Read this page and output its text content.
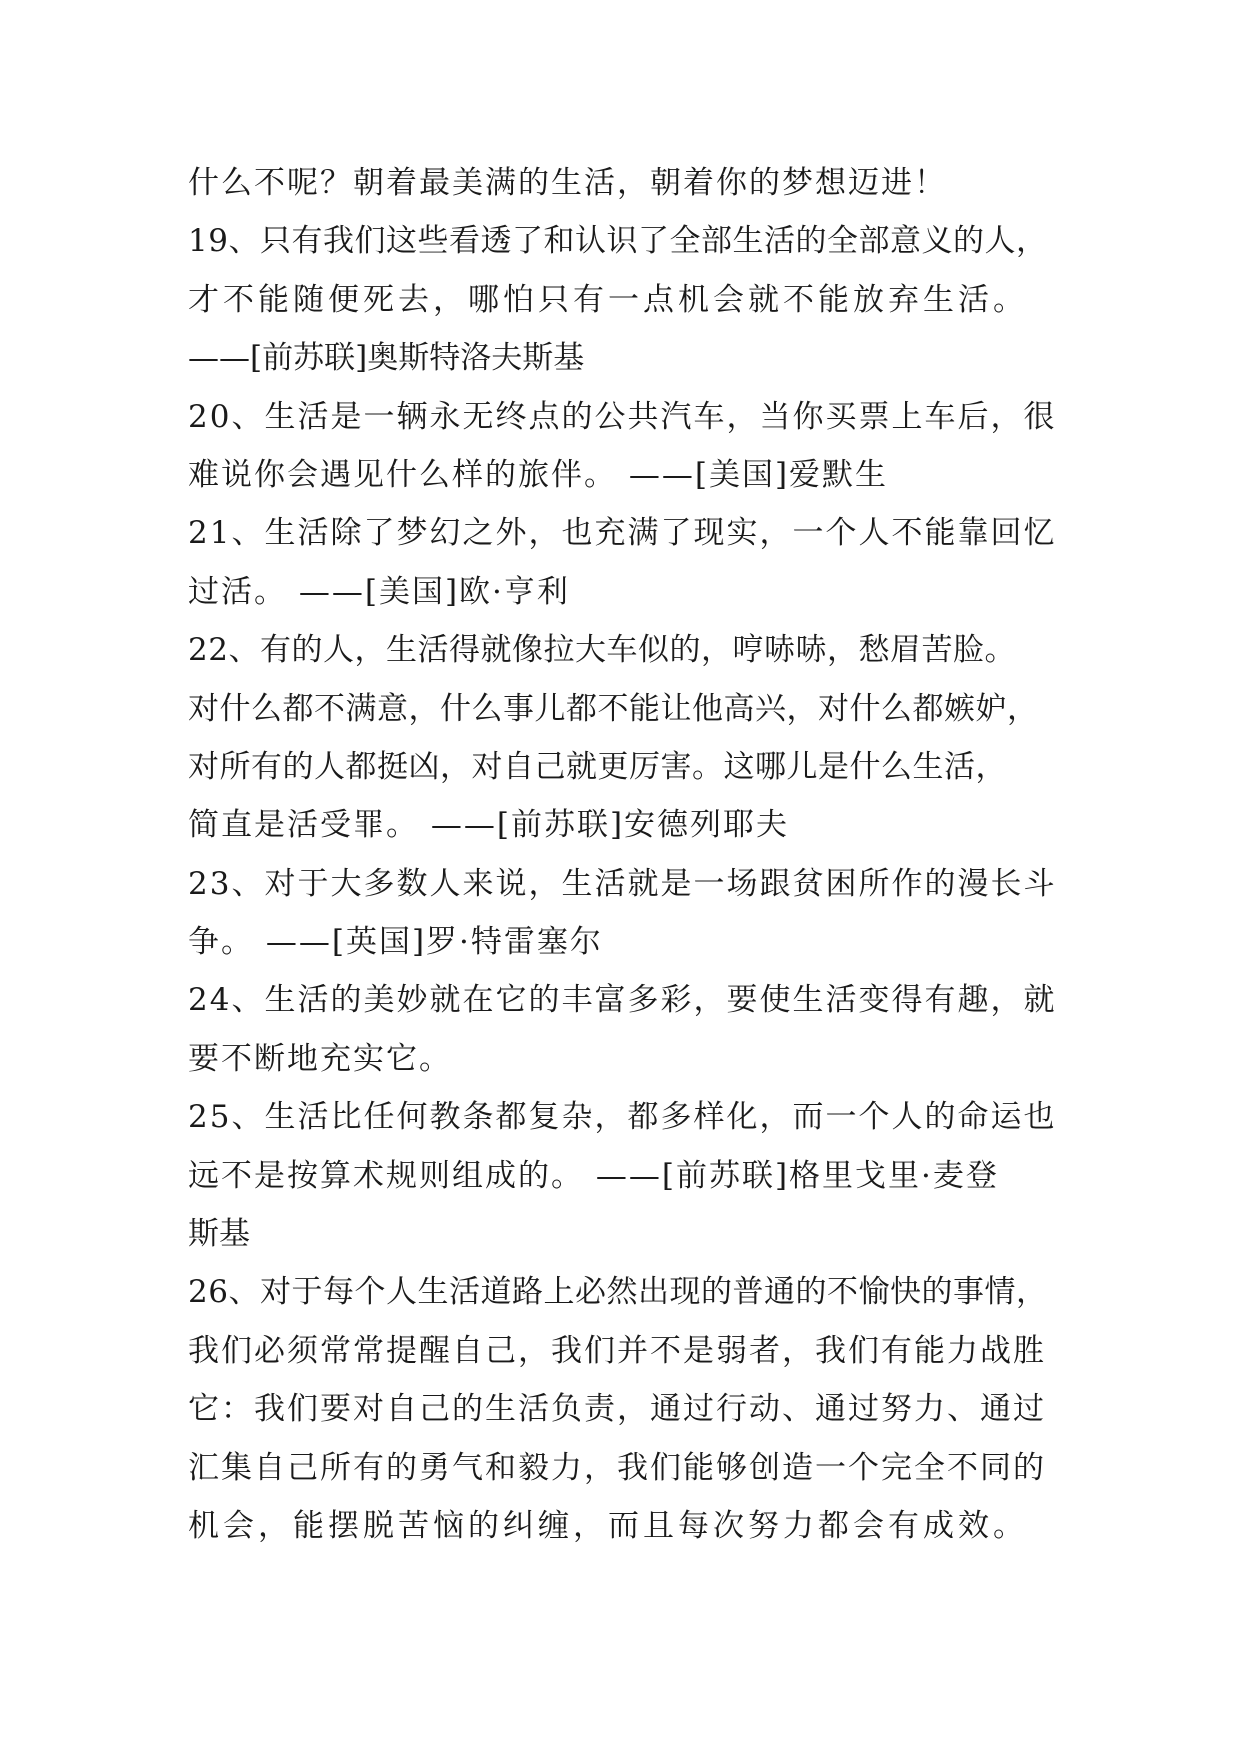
什么不呢？朝着最美满的生活，朝着你的梦想迈进！
19、只有我们这些看透了和认识了全部生活的全部意义的人，
才不能随便死去，哪怕只有一点机会就不能放弃生活。
——[前苏联]奥斯特洛夫斯基
20、生活是一辆永无终点的公共汽车，当你买票上车后，很
难说你会遇见什么样的旅伴。 ——[美国]爱默生
21、生活除了梦幻之外，也充满了现实，一个人不能靠回忆
过活。 ——[美国]欧·亨利
22、有的人，生活得就像拉大车似的，哼哧哧，愁眉苦脸。
对什么都不满意，什么事儿都不能让他高兴，对什么都嫉妒，
对所有的人都挺凶，对自己就更厉害。这哪儿是什么生活，
简直是活受罪。 ——[前苏联]安德列耶夫
23、对于大多数人来说，生活就是一场跟贫困所作的漫长斗
争。 ——[英国]罗·特雷塞尔
24、生活的美妙就在它的丰富多彩，要使生活变得有趣，就
要不断地充实它。
25、生活比任何教条都复杂，都多样化，而一个人的命运也
远不是按算术规则组成的。 ——[前苏联]格里戈里·麦登
斯基
26、对于每个人生活道路上必然出现的普通的不愉快的事情，
我们必须常常提醒自己，我们并不是弱者，我们有能力战胜
它：我们要对自己的生活负责，通过行动、通过努力、通过
汇集自己所有的勇气和毅力，我们能够创造一个完全不同的
机会，能摆脱苦恼的纠缠，而且每次努力都会有成效。
